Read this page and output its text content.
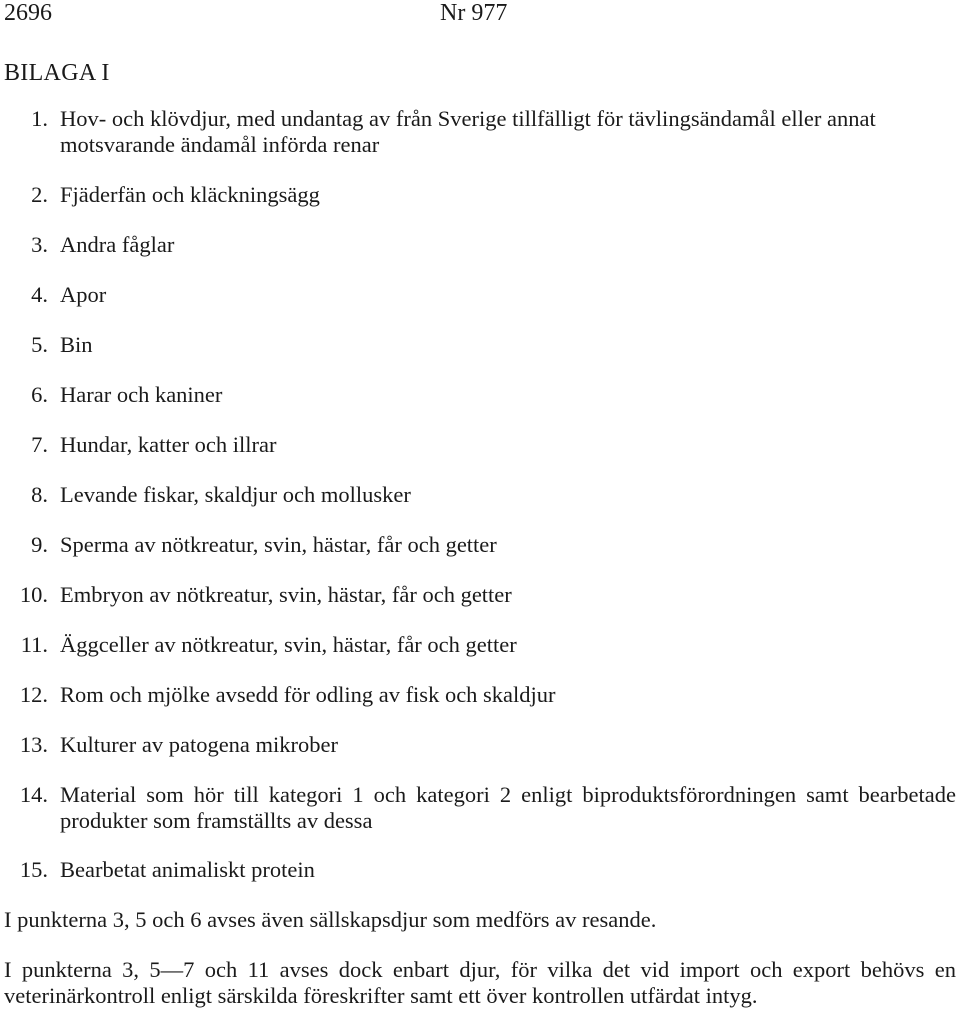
2696	Nr 977
BILAGA I
1. Hov- och klövdjur, med undantag av från Sverige tillfälligt för tävlingsändamål eller annat motsvarande ändamål införda renar
2. Fjäderfän och kläckningsägg
3. Andra fåglar
4. Apor
5. Bin
6. Harar och kaniner
7. Hundar, katter och illrar
8. Levande fiskar, skaldjur och mollusker
9. Sperma av nötkreatur, svin, hästar, får och getter
10. Embryon av nötkreatur, svin, hästar, får och getter
11. Äggceller av nötkreatur, svin, hästar, får och getter
12. Rom och mjölke avsedd för odling av fisk och skaldjur
13. Kulturer av patogena mikrober
14. Material som hör till kategori 1 och kategori 2 enligt biproduktsförordningen samt bearbetade produkter som framställts av dessa
15. Bearbetat animaliskt protein
I punkterna 3, 5 och 6 avses även sällskapsdjur som medförs av resande.
I punkterna 3, 5—7 och 11 avses dock enbart djur, för vilka det vid import och export behövs en veterinärkontroll enligt särskilda föreskrifter samt ett över kontrollen utfärdat intyg.
